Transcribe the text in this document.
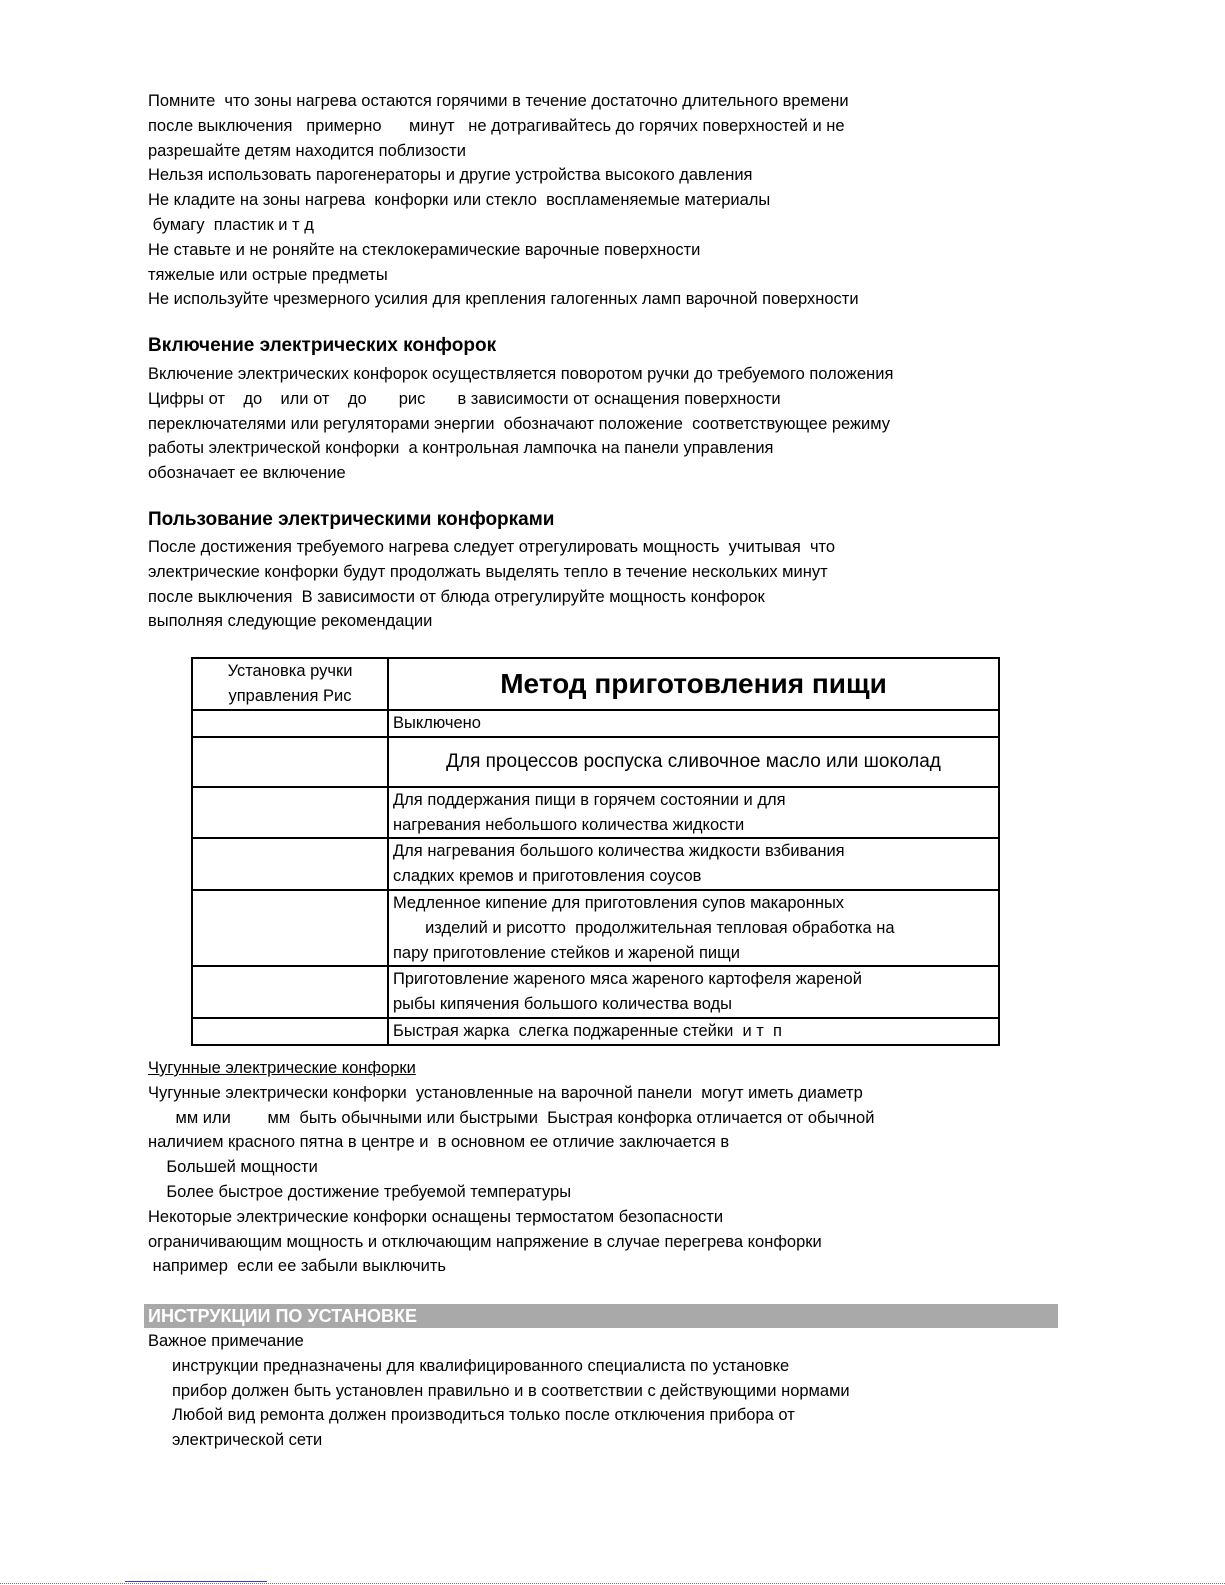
Помните  что зоны нагрева остаются горячими в течение достаточно длительного времени
после выключения   примерно      минут   не дотрагивайтесь до горячих поверхностей и не
разрешайте детям находится поблизости
Нельзя использовать парогенераторы и другие устройства высокого давления
Не кладите на зоны нагрева  конфорки или стекло  воспламеняемые материалы
бумагу  пластик и т д
Не ставьте и не роняйте на стеклокерамические варочные поверхности
тяжелые или острые предметы
Не используйте чрезмерного усилия для крепления галогенных ламп варочной поверхности
Включение электрических конфорок
Включение электрических конфорок осуществляется поворотом ручки до требуемого положения
Цифры от    до    или от    до       рис       в зависимости от оснащения поверхности
переключателями или регуляторами энергии  обозначают положение  соответствующее режиму
работы электрической конфорки  а контрольная лампочка на панели управления
обозначает ее включение
Пользование электрическими конфорками
После достижения требуемого нагрева следует отрегулировать мощность  учитывая  что
электрические конфорки будут продолжать выделять тепло в течение нескольких минут
после выключения  В зависимости от блюда отрегулируйте мощность конфорок
выполняя следующие рекомендации
Установка ручки
управления Рис	Метод приготовления пищи

	Выключено

	Для процессов роспуска сливочное масло или шоколад

	Для поддержания пищи в горячем состоянии и для
нагревания небольшого количества жидкости

	Для нагревания большого количества жидкости взбивания
сладких кремов и приготовления соусов

	Медленное кипение для приготовления супов макаронных
изделий и рисотто  продолжительная тепловая обработка на
пару приготовление стейков и жареной пищи

	Приготовление жареного мяса жареного картофеля жареной
рыбы кипячения большого количества воды

	Быстрая жарка  слегка поджаренные стейки  и т  п
Чугунные электрические конфорки
Чугунные электрически конфорки  установленные на варочной панели  могут иметь диаметр
мм или        мм  быть обычными или быстрыми  Быстрая конфорка отличается от обычной
наличием красного пятна в центре и  в основном ее отличие заключается в
Большей мощности
Более быстрое достижение требуемой температуры
Некоторые электрические конфорки оснащены термостатом безопасности
ограничивающим мощность и отключающим напряжение в случае перегрева конфорки
например  если ее забыли выключить
ИНСТРУКЦИИ ПО УСТАНОВКЕ
Важное примечание
инструкции предназначены для квалифицированного специалиста по установке
прибор должен быть установлен правильно и в соответствии с действующими нормами
Любой вид ремонта должен производиться только после отключения прибора от
электрической сети
